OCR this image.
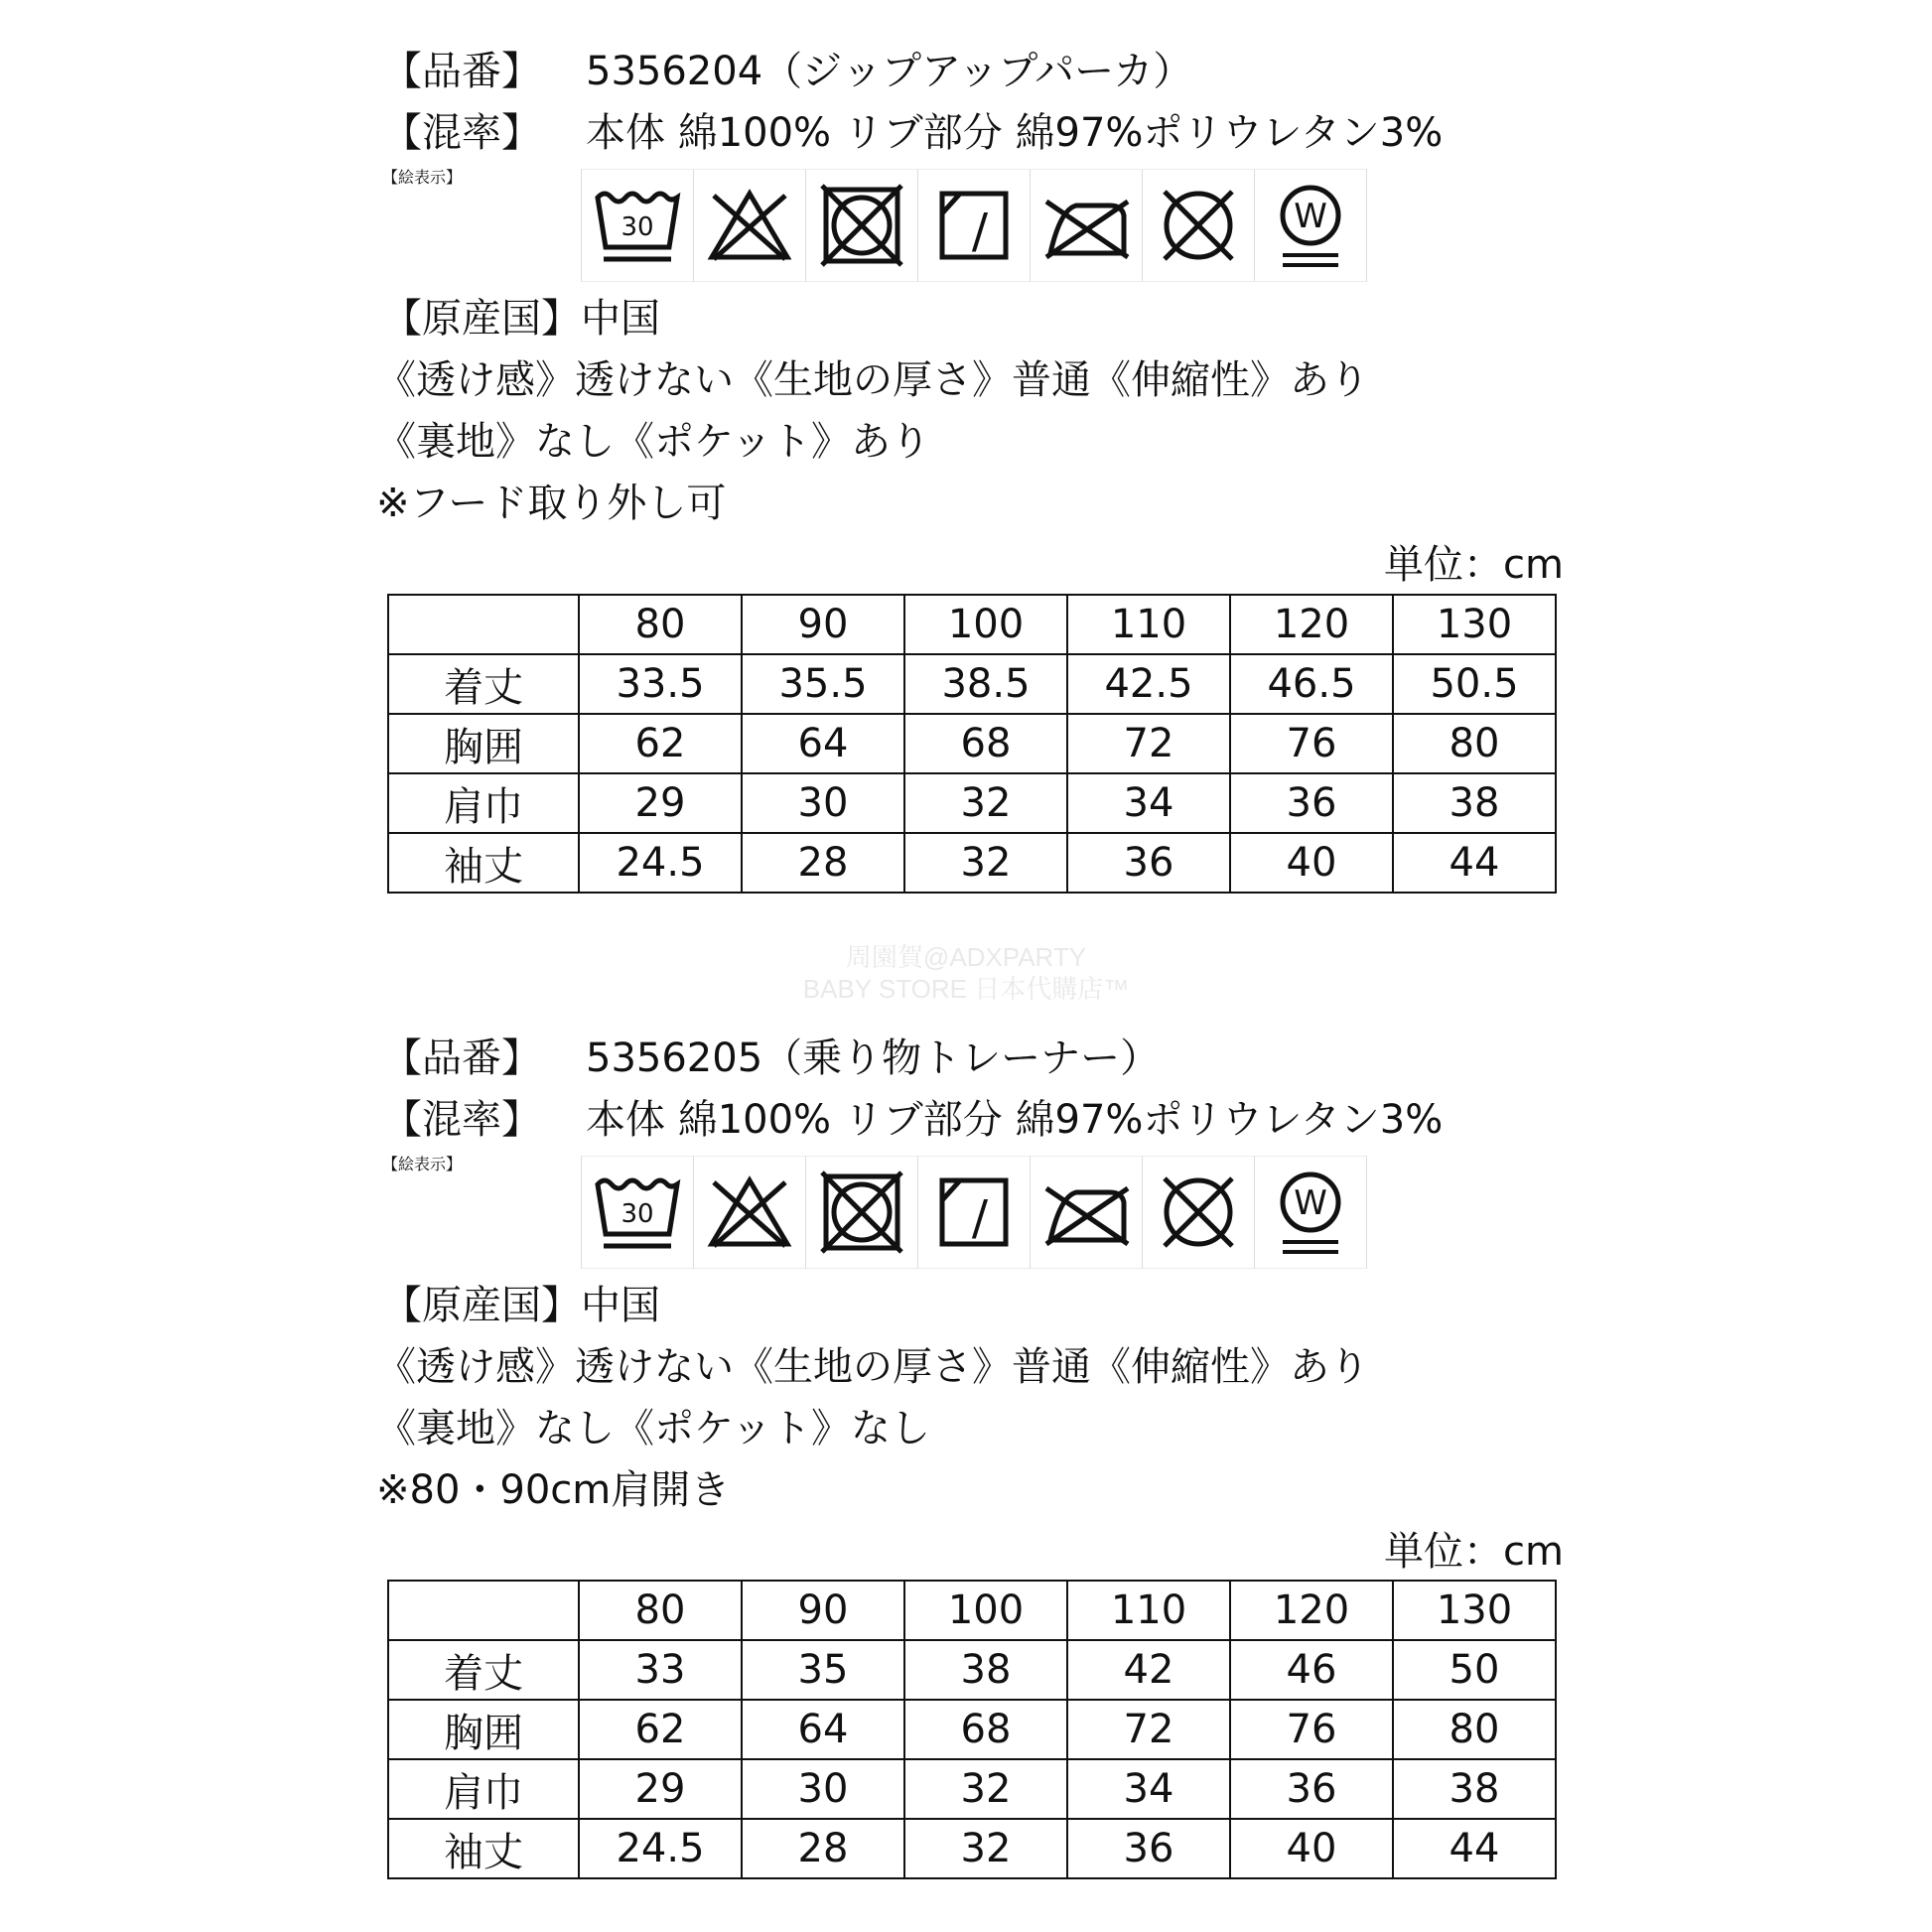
【品番】 5356204（ジップアップパーカ）
【混率】 本体 綿100% リブ部分 綿97%ポリウレタン3%
【絵表示】
30	/	W
【原産国】中国
《透け感》透けない《生地の厚さ》普通《伸縮性》あり
《裏地》なし《ポケット》あり
※フード取り外し可
単位：cm
	80	90	100	110	120	130
着丈	33.5	35.5	38.5	42.5	46.5	50.5
胸囲	62	64	68	72	76	80
肩巾	29	30	32	34	36	38
袖丈	24.5	28	32	36	40	44
周園賀@ADXPARTY
BABY STORE 日本代購店™
【品番】 5356205（乗り物トレーナー）
【混率】 本体 綿100% リブ部分 綿97%ポリウレタン3%
【絵表示】
30	/	W
【原産国】中国
《透け感》透けない《生地の厚さ》普通《伸縮性》あり
《裏地》なし《ポケット》なし
※80・90cm肩開き
単位：cm
	80	90	100	110	120	130
着丈	33	35	38	42	46	50
胸囲	62	64	68	72	76	80
肩巾	29	30	32	34	36	38
袖丈	24.5	28	32	36	40	44
